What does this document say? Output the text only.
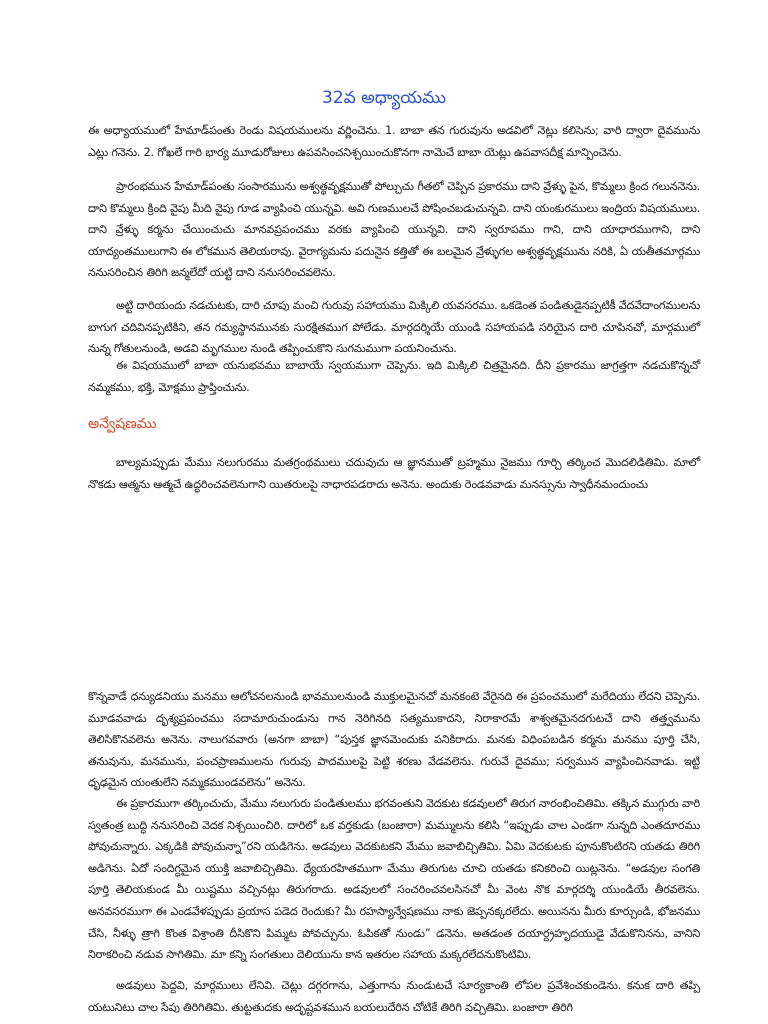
32వ అధ్యాయము

ఈ అధ్యాయములో హేమాడ్‌పంతు రెండు విషయములను వర్ణించెను. 1. బాబా తన గురువును అడవిలో నెట్లు కలిసెను; వారి ద్వారా దైవమును ఎట్లు గనెను. 2. గోఖలే గారి భార్య మూడురోజులు ఉపవసించనిశ్చయించుకొనగా నామెచే బాబా యెట్లు ఉపవాసదీక్ష మాన్పించెను.

ప్రారంభమున హేమాడ్‌పంతు సంసారమును అశ్వత్థవృక్షముతో పోల్చుచు గీతలో చెప్పిన ప్రకారము దాని వ్రేళ్ళు పైన, కొమ్మలు క్రింద గలుననెను. దాని కొమ్మలు క్రింది వైపు మీది వైపు గూడ వ్యాపించి యున్నవి. అవి గుణములచే పోషించబడుచున్నవి. దాని యంకురములు ఇంద్రియ విషయములు. దాని వ్రేళ్ళు కర్మను చేయించుచు మానవప్రపంచము వరకు వ్యాపించి యున్నవి. దాని స్వరూపము గాని, దాని యాధారముగాని, దాని యాద్యంతములుగాని ఈ లోకమున తెలియరావు. వైరాగ్యమను పదునైన కత్తితో ఈ బలమైన వ్రేళ్ళుగల అశ్వత్థవృక్షమును నరికి, ఏ యతీతమార్గము ననుసరించిన తిరిగి జన్మలేదో యట్టి దాని ననుసరించవలెను.

అట్టి దారియందు నడచుటకు, దారి చూపు మంచి గురువు సహాయము మిక్కిలి యవసరము. ఒకడెంత పండితుడైనప్పటికీ వేదవేదాంగములను బాగుగ చదివినప్పటికిని, తన గమ్యస్థానమునకు సురక్షితముగ పోలేడు. మార్గదర్శియే యుండి సహాయపడి సరియైన దారి చూపినచో, మార్గములో నున్న గోతులనుండి, అడవి మృగముల నుండి తప్పించుకొని సుగమముగా పయనించును.

ఈ విషయములో బాబా యనుభవము బాబాయే స్వయముగా చెప్పెను. ఇది మిక్కిలి చిత్రమైనది. దీని ప్రకారము జాగ్రత్తగా నడచుకొన్నచో నమ్మకము, భక్తి, మోక్షము ప్రాప్తించును.

అన్వేషణము

బాల్యమప్పుడు మేము నలుగురము మతగ్రంథములు చదువుచు ఆ జ్ఞానముతో బ్రహ్మము నైజము గూర్చి తర్కించ మొదలిడితిమి. మాలో నొకడు ఆత్మను ఆత్మచే ఉద్ధరించవలెనుగాని యితరులపై నాధారపడరాదు అనెను. అందుకు రెండవవాడు మనస్సును స్వాధీనమందుంచు

కొన్నవాడే ధన్యుడనియు మనము ఆలోచనలనుండి భావములనుండి ముక్తులమైనచో మనకంటె వేరైనది ఈ ప్రపంచములో మరేదియు లేదని చెప్పెను. మూడవవాడు దృశ్యప్రపంచము సదామారుచుండును గాన నెరిగినది సత్యముకాదని, నిరాకారమే శాశ్వతమైనదగుటచే దాని తత్త్వమును తెలిసికొనవలెను అనెను. నాలుగవవారు (అనగా బాబా) “పుస్తక జ్ఞానమెందుకు పనికిరాదు. మనకు విధింపబడిన కర్మను మనము పూర్తి చేసి, తనువును, మనమును, పంచప్రాణములను గురువు పాదములపై పెట్టి శరణు వేడవలెను. గురువే దైవము; సర్వమున వ్యాపించినవాడు. ఇట్టి ధృఢమైన యంతులేని నమ్మకముండవలెను” అనెను.

ఈ ప్రకారముగా తర్కించుచు, మేము నలుగురు పండితులము భగవంతుని వెదకుట కడవులలో తిరుగ నారంభించితిమి. తక్కిన ముగ్గురు వారి స్వతంత్ర బుద్ధి ననుసరించి వెదక నిశ్చయించిరి. దారిలో ఒక వర్తకుడు (బంజారా) మమ్ములను కలిసి “ఇప్పుడు చాల ఎండగా నున్నది ఎంతదూరము పోవుచున్నారు. ఎక్కడికి పోవుచున్నా”రని యడిగెను. అడవులు వెదకుటకని మేము జవాబిచ్చితిమి. ఏమి వెదకుటకు పూనుకొంటిరని యతడు తిరిగి అడిగెను. ఏదో సందిగ్ధమైన యుక్తి జవాబిచ్చితిమి. ధ్యేయరహితముగా మేము తిరుగుట చూచి యతడు కనికరించి యిట్లనెను. “అడవుల సంగతి పూర్తి తెలియకుండ మీ యిష్టము వచ్చినట్లు తిరుగరాదు. అడవులలో సంచరించవలసినచో మీ వెంట నొక మార్గదర్శి యుండియే తీరవలెను. అనవసరముగా ఈ ఎండవేళప్పుడు ప్రయాస పడెద రెందుకు? మీ రహస్యాన్వేషణము నాకు జెప్పనక్కరలేదు. అయినను మీరు కూర్చుండి, భోజనము చేసి, నీళ్ళు త్రాగి కొంత విశ్రాంతి దీసికొని పిమ్మట పోవచ్చును. ఓపికతో నుండు” డనెను. అతడంత దయార్ద్రహృదయుడై వేడుకొనినను, వానిని నిరాకరించి నడువ సాగితిమి. మా కన్ని సంగతులు దెలియును కాన ఇతరుల సహాయ మక్కరలేదనుకొంటిమి.

అడవులు పెద్దవి, మార్గములు లేనివి. చెట్లు దగ్గరగాను, ఎత్తుగాను నుండుటచే సూర్యకాంతి లోపల ప్రవేశించకుండెను. కనుక దారి తప్పి యటునిటు చాల సేపు తిరిగితిమి. తుట్టతుదకు అదృష్టవశమున బయలుదేరిన చోటికే తిరిగి వచ్చితిమి. బంజారా తిరిగి
